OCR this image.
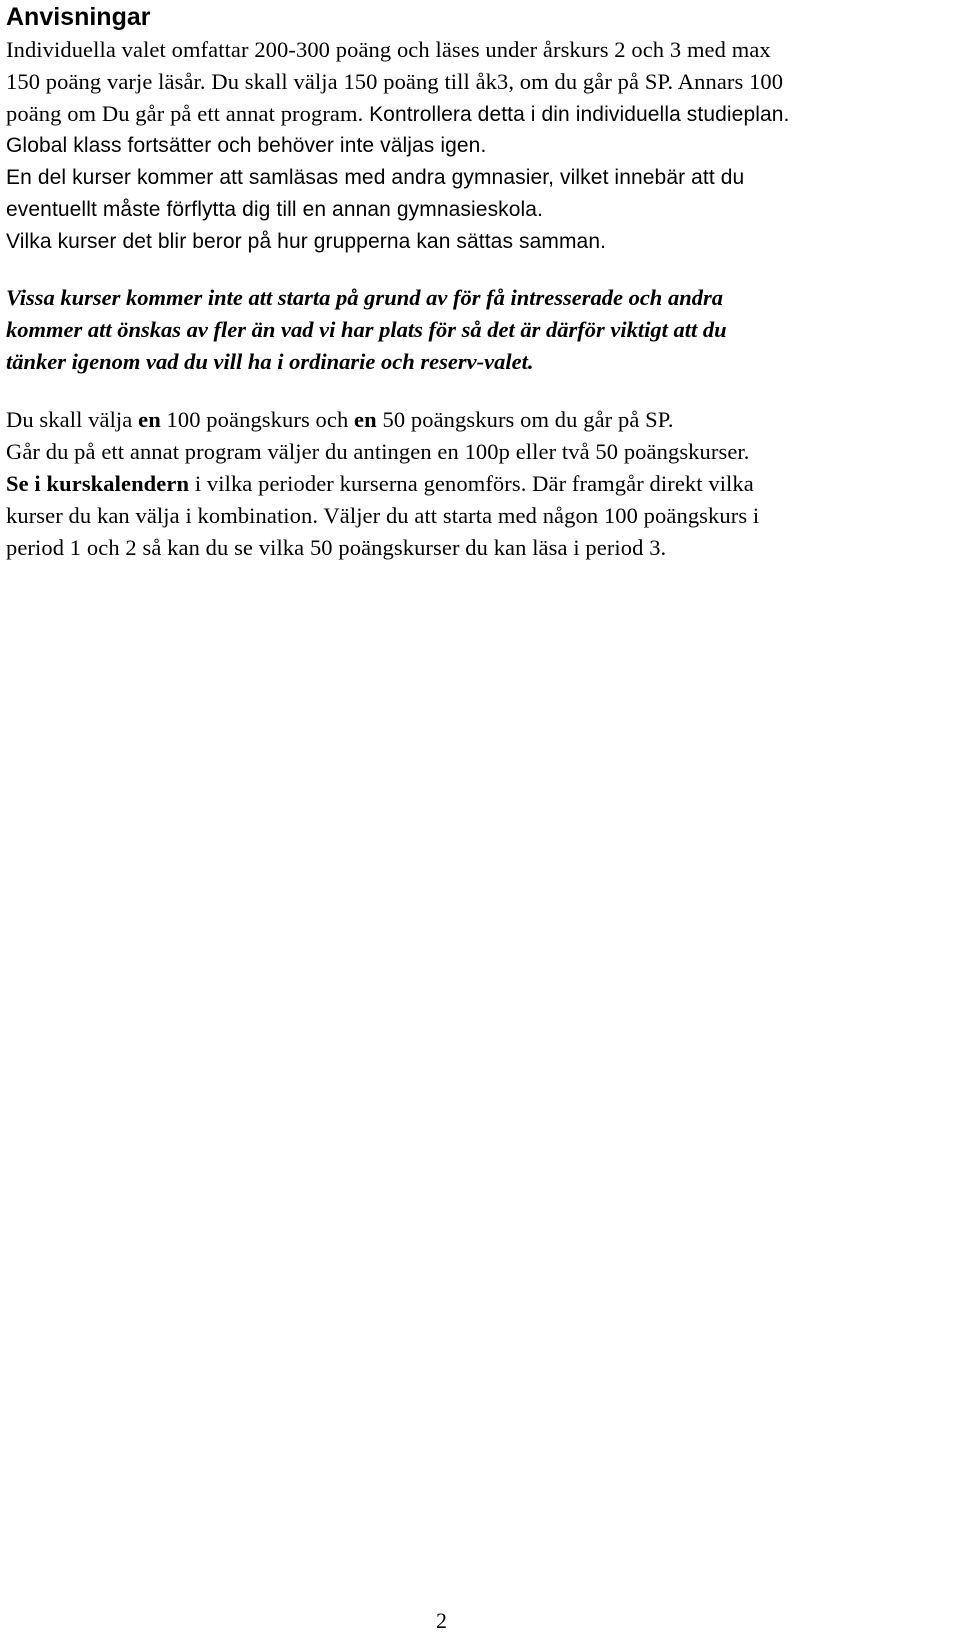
Anvisningar
Individuella valet omfattar 200-300 poäng och läses under årskurs 2 och 3 med max
150 poäng varje läsår. Du skall välja 150 poäng till åk3, om du går på SP. Annars 100
poäng om Du går på ett annat program. Kontrollera detta i din individuella studieplan.
Global klass fortsätter och behöver inte väljas igen.
En del kurser kommer att samläsas med andra gymnasier, vilket innebär att du
eventuellt måste förflytta dig till en annan gymnasieskola.
Vilka kurser det blir beror på hur grupperna kan sättas samman.
Vissa kurser kommer inte att starta på grund av för få intresserade och andra
kommer att önskas av fler än vad vi har plats för så det är därför viktigt att du
tänker igenom vad du vill ha i ordinarie och reserv-valet.
Du skall välja en 100 poängskurs och en 50 poängskurs om du går på SP.
Går du på ett annat program väljer du antingen en 100p eller två 50 poängskurser.
Se i kurskalendern i vilka perioder kurserna genomförs. Där framgår direkt vilka
kurser du kan välja i kombination. Väljer du att starta med någon 100 poängskurs i
period 1 och 2 så kan du se vilka 50 poängskurser du kan läsa i period 3.
2
